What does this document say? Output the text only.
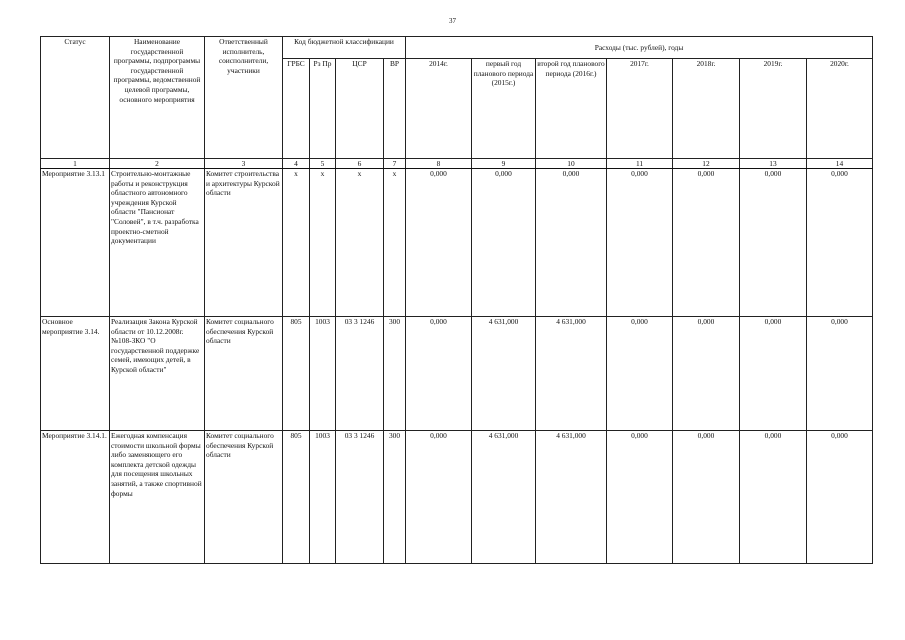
37
Статус	Наименование государственной программы, подпрограммы государственной программы, ведомственной целевой программы, основного мероприятия	Ответственный исполнитель, соисполнители, участники	Код бюджетной классификации				Расходы (тыс. рублей), годы						
			ГРБС	Рз Пр	ЦСР	ВР	2014г.	первый год планового периода (2015г.)	второй год планового периода (2016г.)	2017г.	2018г.	2019г.	2020г.
1	2	3	4	5	6	7	8	9	10	11	12	13	14
Мероприятие 3.13.1	Строительно-монтажные работы и реконструкция областного автономного учреждения Курской области "Пансионат "Соловей", в т.ч. разработка проектно-сметной документации	Комитет строительства и архитектуры Курской области	х	х	х	х	0,000	0,000	0,000	0,000	0,000	0,000	0,000
Основное мероприятие 3.14.	Реализация Закона Курской области от 10.12.2008г. №108-ЗКО "О государственной поддержке семей, имеющих детей, в Курской области"	Комитет социального обеспечения Курской области	805	1003	03 3 1246	300	0,000	4 631,000	4 631,000	0,000	0,000	0,000	0,000
Мероприятие 3.14.1.	Ежегодная компенсация стоимости школьной формы либо заменяющего его комплекта детской одежды для посещения школьных занятий, а также спортивной формы	Комитет социального обеспечения Курской области	805	1003	03 3 1246	300	0,000	4 631,000	4 631,000	0,000	0,000	0,000	0,000
